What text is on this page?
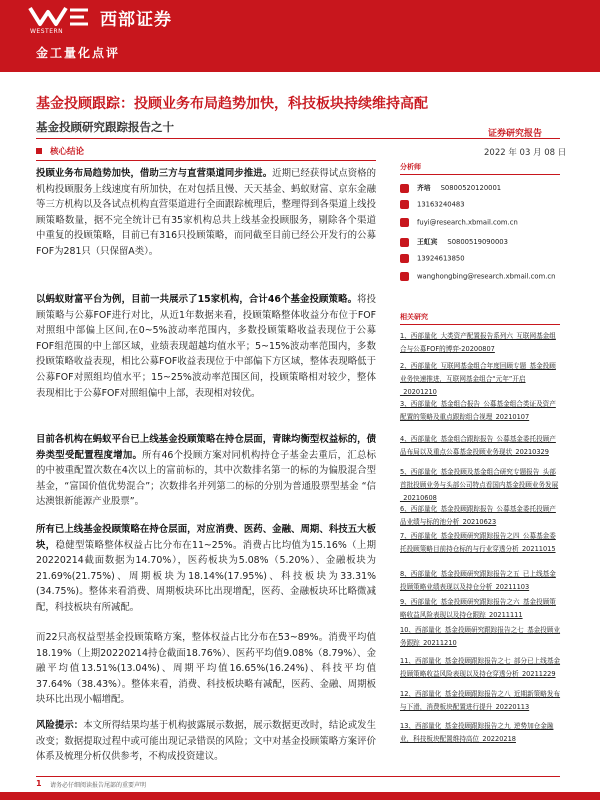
WESTERN
西部证券
金工量化点评
基金投顾跟踪：投顾业务布局趋势加快，科技板块持续维持高配
基金投顾研究跟踪报告之十	证券研究报告
2022 年 03 月 08 日
核心结论
投顾业务布局趋势加快，借助三方与直营渠道同步推进。近期已经获得试点资格的机构投顾服务上线速度有所加快，在对包括且慢、天天基金、蚂蚁财富、京东金融等三方机构以及各试点机构直营渠道进行全面跟踪梳理后，整理得到各渠道上线投顾策略数量，据不完全统计已有35家机构总共上线基金投顾服务，剔除各个渠道中重复的投顾策略，目前已有316只投顾策略，而同截至目前已经公开发行的公募FOF为281只（只保留A类）。
以蚂蚁财富平台为例，目前一共展示了15家机构，合计46个基金投顾策略。将投顾策略与公募FOF进行对比，从近1年数据来看，投顾策略整体收益分布位于FOF对照组中部偏上区间,在0~5%波动率范围内，多数投顾策略收益表现位于公募FOF组范围的中上部区域，业绩表现超越均值水平；5~15%波动率范围内，多数投顾策略收益表现，相比公募FOF收益表现位于中部偏下方区域，整体表现略低于公募FOF对照组均值水平；15~25%波动率范围区间，投顾策略相对较少，整体表现相比于公募FOF对照组偏中上部，表现相对较优。
目前各机构在蚂蚁平台已上线基金投顾策略在持仓层面，青睐均衡型权益标的，债券类型受配置程度增加。所有46个投顾方案对同机构持仓子基金去重后，汇总标的中被重配置次数在4次以上的富前标的，其中次数排名第一的标的为偏股混合型基金，“富国价值优势混合”；次数排名并列第二的标的分别为普通股票型基金 “信达澳银新能源产业股票”。
所有已上线基金投顾策略在持仓层面，对应消费、医药、金融、周期、科技五大板块，稳健型策略整体权益占比分布在11~25%。消费占比均值为15.16%（上期20220214截面数据为14.70%），医药板块为5.08%（5.20%）、金融板块为21.69%(21.75%)、周期板块为18.14%(17.95%)、科技板块为33.31%(34.75%)。整体来看消费、周期板块环比出现增配，医药、金融板块环比略微减配，科技板块有所减配。
而22只高权益型基金投顾策略方案，整体权益占比分布在53~89%。消费平均值18.19%（上期20220214持仓截面18.76%）、医药平均值9.08%（8.79%）、金融平均值13.51%(13.04%)、周期平均值16.65%(16.24%)、科技平均值37.64%（38.43%）。整体来看，消费、科技板块略有减配，医药、金融、周期板块环比出现小幅增配。
风险提示：本文所得结果均基于机构披露展示数据，展示数据更改时，结论或发生改变；数据提取过程中或可能出现记录错误的风险；文中对基金投顾策略方案评价体系及梳理分析仅供参考，不构成投资建议。
分析师
齐培 S0800520120001
13163240483
fuyi@research.xbmail.com.cn
王虹宾 S0800519090003
13924613850
wanghongbing@research.xbmail.com.cn
相关研究
1、西部量化_大类资产配置报告系列六_互联网基金组合与公募FOF的博弈-20200807
2、西部量化_互联网基金组合年度回顾专题_基金投顾业务快速推进，互联网基金组合“元年”开启_20201210
3、西部量化_基金组合报告_公募基金组合类证及资产配置的策略及重点跟踪组合视理_20210107
4、西部量化_基金组合跟踪报告_公募基金委托投顾产品布局以及重点公募基金投顾业务现状_20210329
5、西部量化_基金投顾及基金组合研究专题报告_头部首批投顾业务与头部公司特点看国内基金投顾业务发展_20210608
6、西部量化_基金投顾跟踪报告_公募基金委托投顾产品业绩与标的池分析_20210623
7、西部量化_基金投顾研究跟踪报告之四_公募基金委托投顾策略目前持仓标的与行业穿透分析_20211015
8、西部量化_基金投顾研究跟踪报告之五_已上线基金投顾策略业绩表现以及持仓分析_20211103
9、西部量化_基金投顾研究跟踪报告之六_基金投顾策略收益风险表现以及持仓跟踪_20211111
10、西部量化_基金投顾研究跟踪报告之七_基金投顾业务跟踪_20211210
11、西部量化_基金投顾跟踪报告之七_部分已上线基金投顾策略收益风险表现以及持仓穿透分析_20211229
12、西部量化_基金投顾跟踪报告之八_近期新策略发布与下滑，消费板块配置进行提升_20220113
13、西部量化_基金投顾跟踪报告之九_逆势加仓金融业，科技板块配置维持高位_20220218
1 请务必仔细阅读报告尾部的重要声明
